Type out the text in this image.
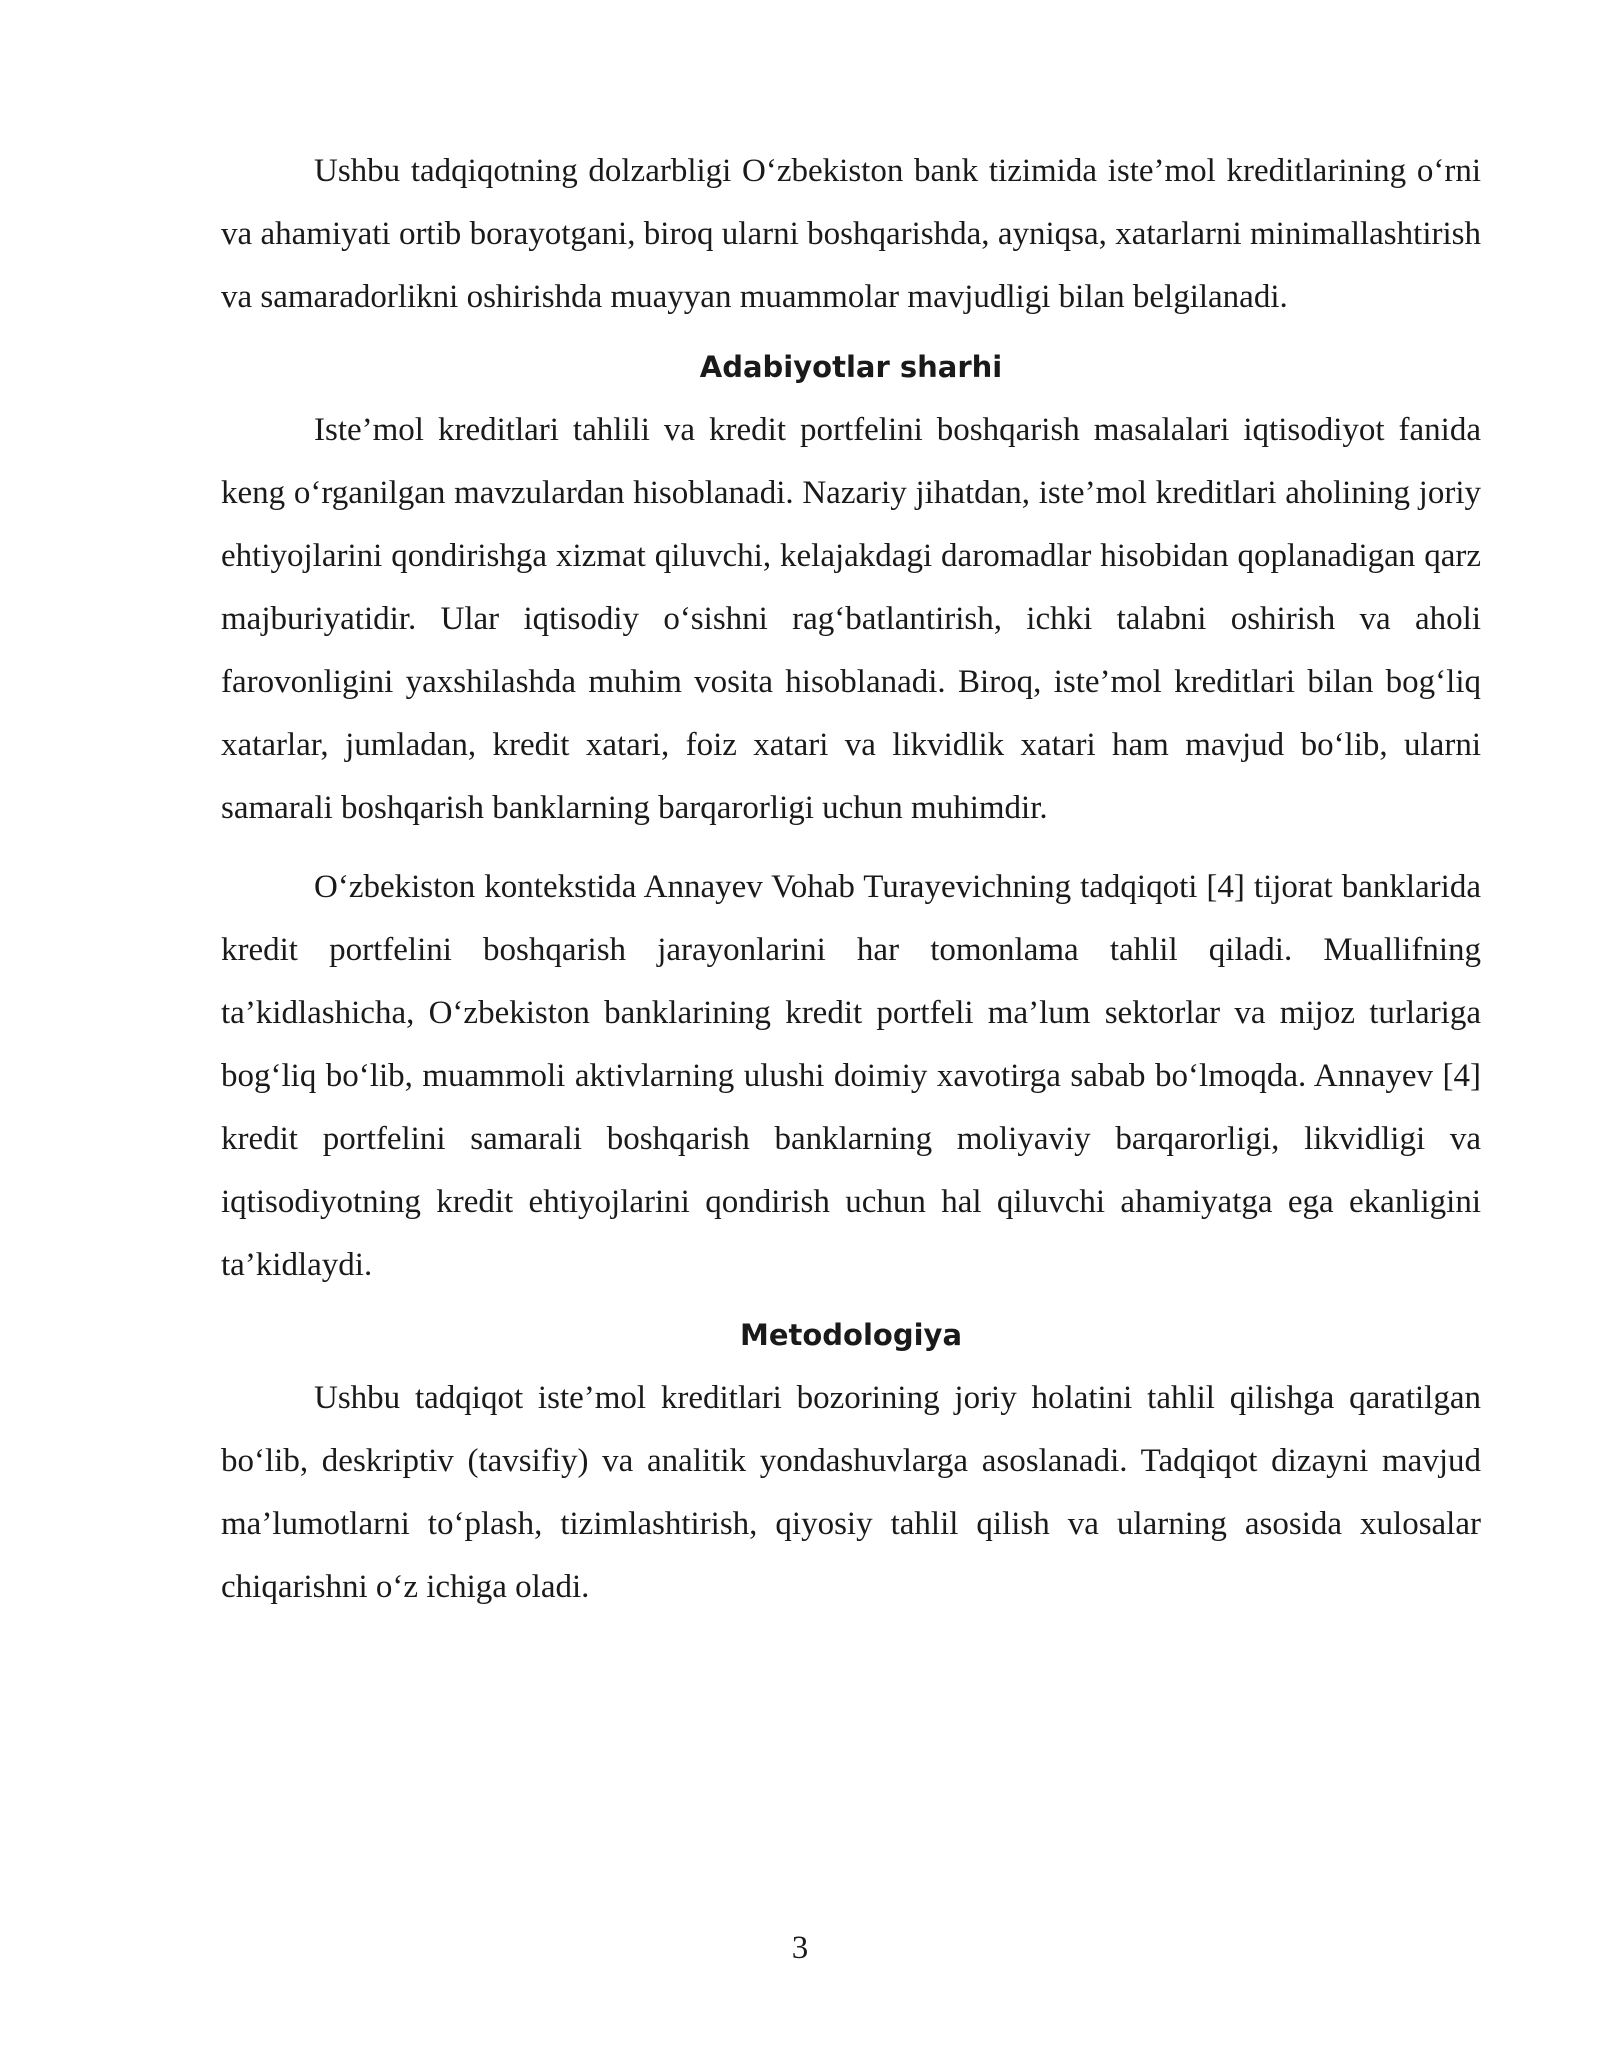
Ushbu tadqiqotning dolzarbligi O‘zbekiston bank tizimida iste’mol kreditlarining o‘rni va ahamiyati ortib borayotgani, biroq ularni boshqarishda, ayniqsa, xatarlarni minimallashtirish va samaradorlikni oshirishda muayyan muammolar mavjudligi bilan belgilanadi.

Adabiyotlar sharhi

Iste’mol kreditlari tahlili va kredit portfelini boshqarish masalalari iqtisodiyot fanida keng o‘rganilgan mavzulardan hisoblanadi. Nazariy jihatdan, iste’mol kreditlari aholining joriy ehtiyojlarini qondirishga xizmat qiluvchi, kelajakdagi daromadlar hisobidan qoplanadigan qarz majburiyatidir. Ular iqtisodiy o‘sishni rag‘batlantirish, ichki talabni oshirish va aholi farovonligini yaxshilashda muhim vosita hisoblanadi. Biroq, iste’mol kreditlari bilan bog‘liq xatarlar, jumladan, kredit xatari, foiz xatari va likvidlik xatari ham mavjud bo‘lib, ularni samarali boshqarish banklarning barqarorligi uchun muhimdir.

O‘zbekiston kontekstida Annayev Vohab Turayevichning tadqiqoti [4] tijorat banklarida kredit portfelini boshqarish jarayonlarini har tomonlama tahlil qiladi. Muallifning ta’kidlashicha, O‘zbekiston banklarining kredit portfeli ma’lum sektorlar va mijoz turlariga bog‘liq bo‘lib, muammoli aktivlarning ulushi doimiy xavotirga sabab bo‘lmoqda. Annayev [4] kredit portfelini samarali boshqarish banklarning moliyaviy barqarorligi, likvidligi va iqtisodiyotning kredit ehtiyojlarini qondirish uchun hal qiluvchi ahamiyatga ega ekanligini ta’kidlaydi.

Metodologiya

Ushbu tadqiqot iste’mol kreditlari bozorining joriy holatini tahlil qilishga qaratilgan bo‘lib, deskriptiv (tavsifiy) va analitik yondashuvlarga asoslanadi. Tadqiqot dizayni mavjud ma’lumotlarni to‘plash, tizimlashtirish, qiyosiy tahlil qilish va ularning asosida xulosalar chiqarishni o‘z ichiga oladi.

3
